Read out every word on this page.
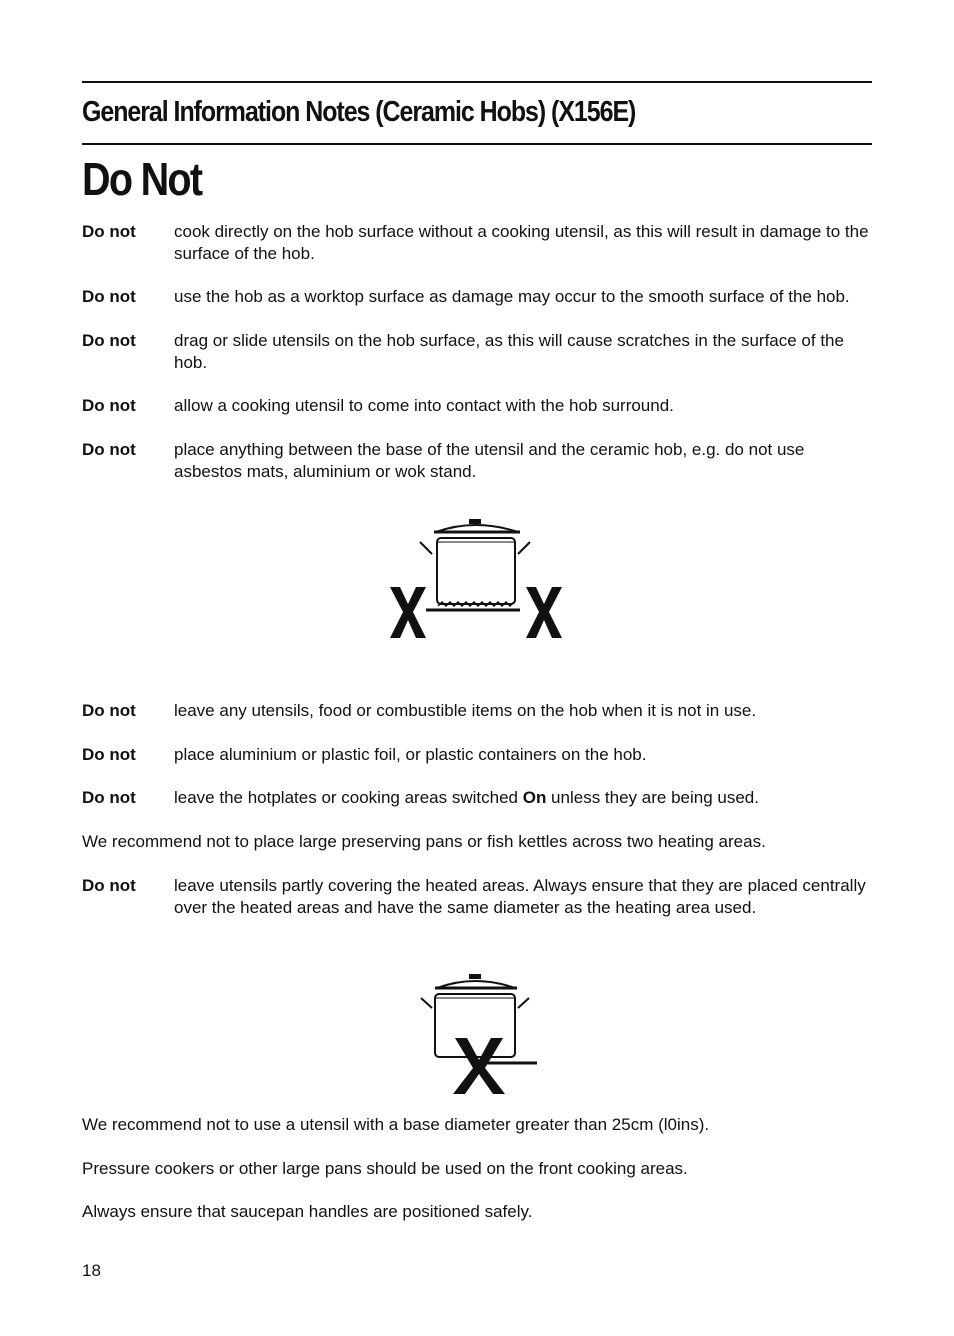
General Information Notes (Ceramic Hobs) (X156E)
Do Not
Do not	cook directly on the hob surface without a cooking utensil, as this will result in damage to the surface of the hob.
Do not	use the hob as a worktop surface as damage may occur to the smooth surface of the hob.
Do not	drag or slide utensils on the hob surface, as this will cause scratches in the surface of the hob.
Do not	allow a cooking utensil to come into contact with the hob surround.
Do not	place anything between the base of the utensil and the ceramic hob, e.g. do not use asbestos mats, aluminium or wok stand.
Do not	leave any utensils, food or combustible items on the hob when it is not in use.
Do not	place aluminium or plastic foil, or plastic containers on the hob.
Do not	leave the hotplates or cooking areas switched On unless they are being used.
We recommend not to place large preserving pans or fish kettles across two heating areas.
Do not	leave utensils partly covering the heated areas. Always ensure that they are placed centrally over the heated areas and have the same diameter as the heating area used.
We recommend not to use a utensil with a base diameter greater than 25cm (l0ins).
Pressure cookers or other large pans should be used on the front cooking areas.
Always ensure that saucepan handles are positioned safely.
18
